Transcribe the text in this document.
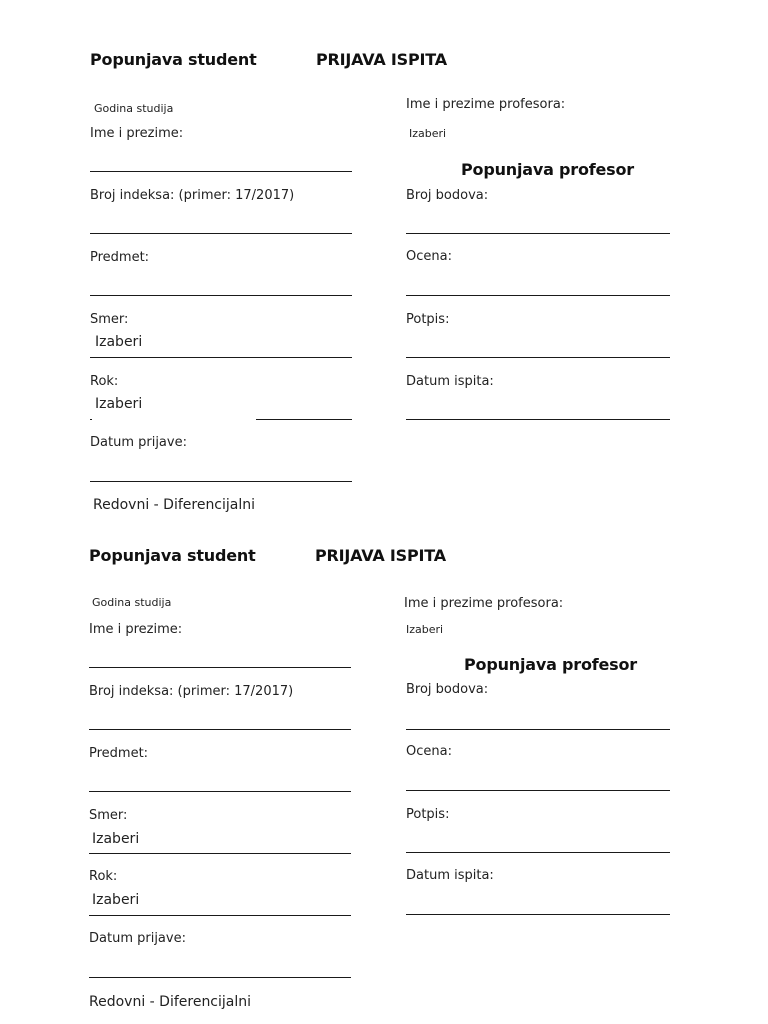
Popunjava student	PRIJAVA ISPITA
Godina studija
Ime i prezime:
Broj indeksa: (primer: 17/2017)
Predmet:
Smer:
Izaberi
Rok:
Izaberi
Datum prijave:
Redovni - Diferencijalni
Ime i prezime profesora:
Izaberi
Popunjava profesor
Broj bodova:
Ocena:
Potpis:
Datum ispita:
Popunjava student	PRIJAVA ISPITA
Godina studija
Ime i prezime:
Broj indeksa: (primer: 17/2017)
Predmet:
Smer:
Izaberi
Rok:
Izaberi
Datum prijave:
Redovni - Diferencijalni
Ime i prezime profesora:
Izaberi
Popunjava profesor
Broj bodova:
Ocena:
Potpis:
Datum ispita:
